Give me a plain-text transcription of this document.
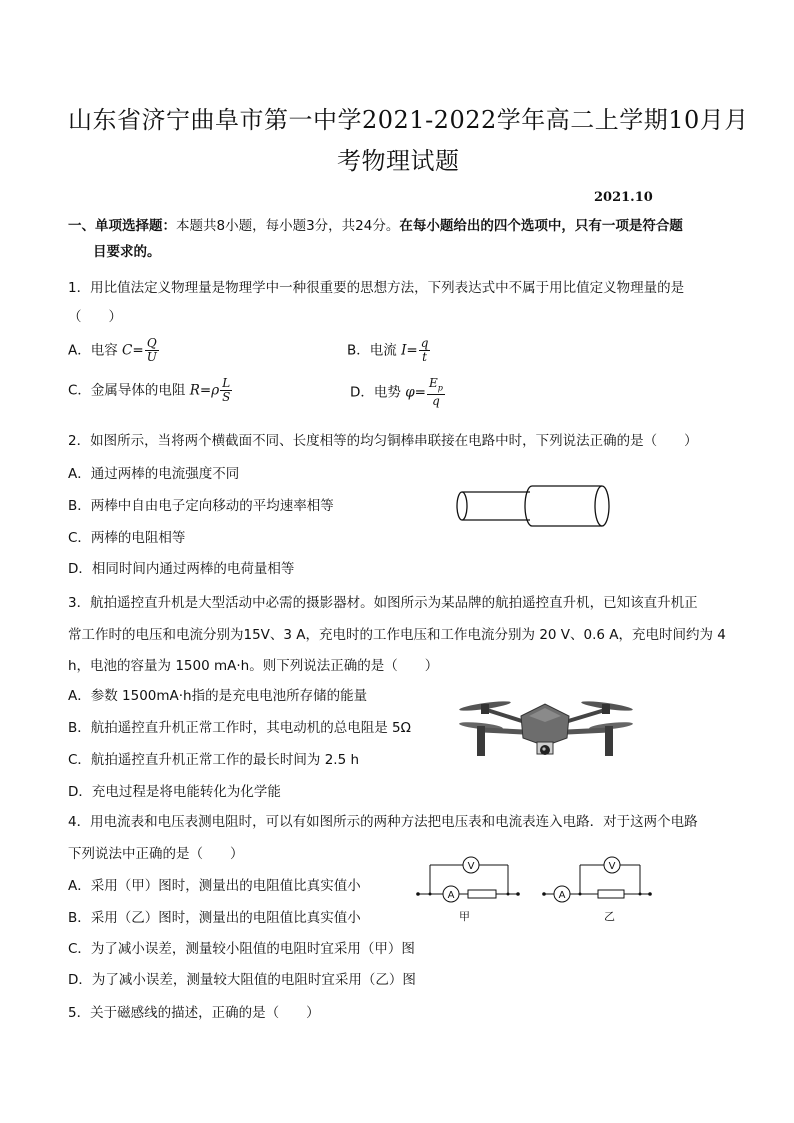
山东省济宁曲阜市第一中学2021-2022学年高二上学期10月月
考物理试题
2021.10
一、单项选择题：本题共8小题，每小题3分，共24分。在每小题给出的四个选项中，只有一项是符合题
目要求的。
1．用比值法定义物理量是物理学中一种很重要的思想方法，下列表达式中不属于用比值定义物理量的是
（　　）
A．电容 $C= \frac{Q}{U}$	B．电流 $I= \frac{q}{t}$
C．金属导体的电阻 $R=\rho \frac{L}{S}$	D．电势 $\varphi= \frac{E_p}{q}$
2．如图所示，当将两个横截面不同、长度相等的均匀铜棒串联接在电路中时，下列说法正确的是（　　）
A．通过两棒的电流强度不同
B．两棒中自由电子定向移动的平均速率相等
C．两棒的电阻相等
D．相同时间内通过两棒的电荷量相等
3．航拍遥控直升机是大型活动中必需的摄影器材。如图所示为某品牌的航拍遥控直升机，已知该直升机正
常工作时的电压和电流分别为15V、3 A，充电时的工作电压和工作电流分别为 20 V、0.6 A，充电时间约为 4
h，电池的容量为 1500 mA·h。则下列说法正确的是（　　）
A．参数 1500mA·h指的是充电电池所存储的能量
B．航拍遥控直升机正常工作时，其电动机的总电阻是 5Ω
C．航拍遥控直升机正常工作的最长时间为 2.5 h
D．充电过程是将电能转化为化学能
4．用电流表和电压表测电阻时，可以有如图所示的两种方法把电压表和电流表连入电路．对于这两个电路
下列说法中正确的是（　　）
A．采用（甲）图时，测量出的电阻值比真实值小
B．采用（乙）图时，测量出的电阻值比真实值小
C．为了减小误差，测量较小阻值的电阻时宜采用（甲）图
D．为了减小误差，测量较大阻值的电阻时宜采用（乙）图
V
A
甲
V
A
乙
5．关于磁感线的描述，正确的是（　　）
